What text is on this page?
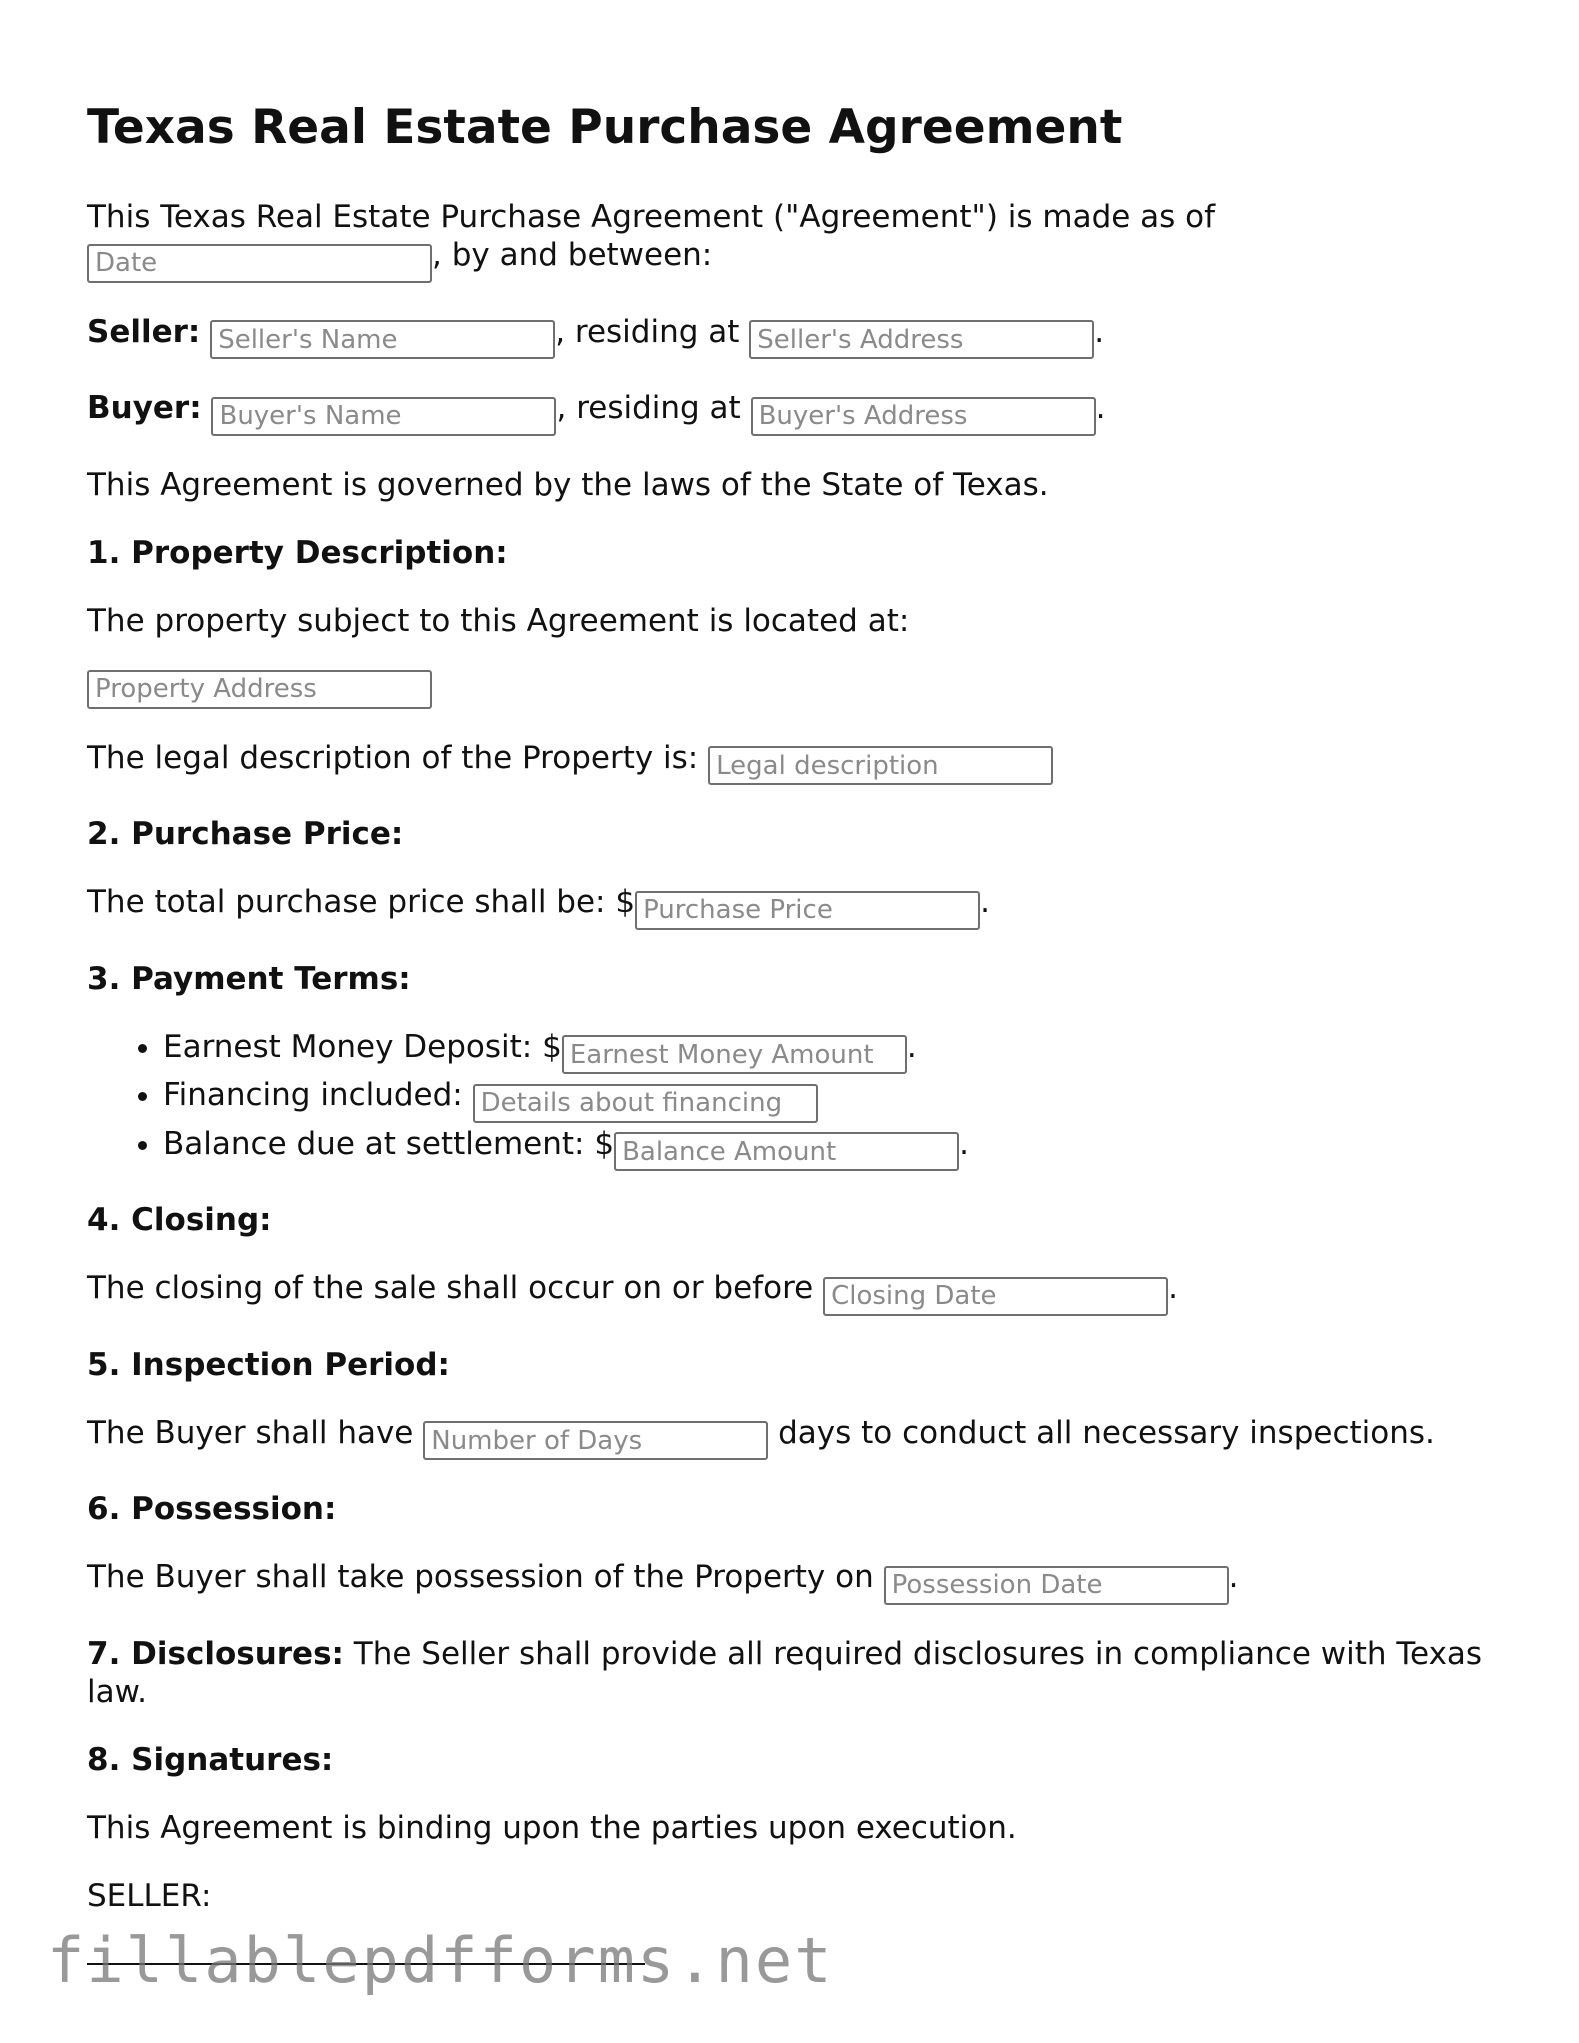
Texas Real Estate Purchase Agreement

This Texas Real Estate Purchase Agreement ("Agreement") is made as of
Date, by and between:

Seller: Seller's Name	, residing at Seller's Address	.

Buyer: Buyer's Name	, residing at Buyer's Address	.

This Agreement is governed by the laws of the State of Texas.

1. Property Description:

The property subject to this Agreement is located at:

Property Address

The legal description of the Property is: Legal description

2. Purchase Price:

The total purchase price shall be: $Purchase Price	.

3. Payment Terms:

• Earnest Money Deposit: $Earnest Money Amount	.
• Financing included: Details about financing
• Balance due at settlement: $Balance Amount	.

4. Closing:

The closing of the sale shall occur on or before Closing Date	.

5. Inspection Period:

The Buyer shall have Number of Days	days to conduct all necessary inspections.

6. Possession:

The Buyer shall take possession of the Property on Possession Date	.

7. Disclosures: The Seller shall provide all required disclosures in compliance with Texas law.

8. Signatures:

This Agreement is binding upon the parties upon execution.

SELLER:

fillablepdfforms.net
